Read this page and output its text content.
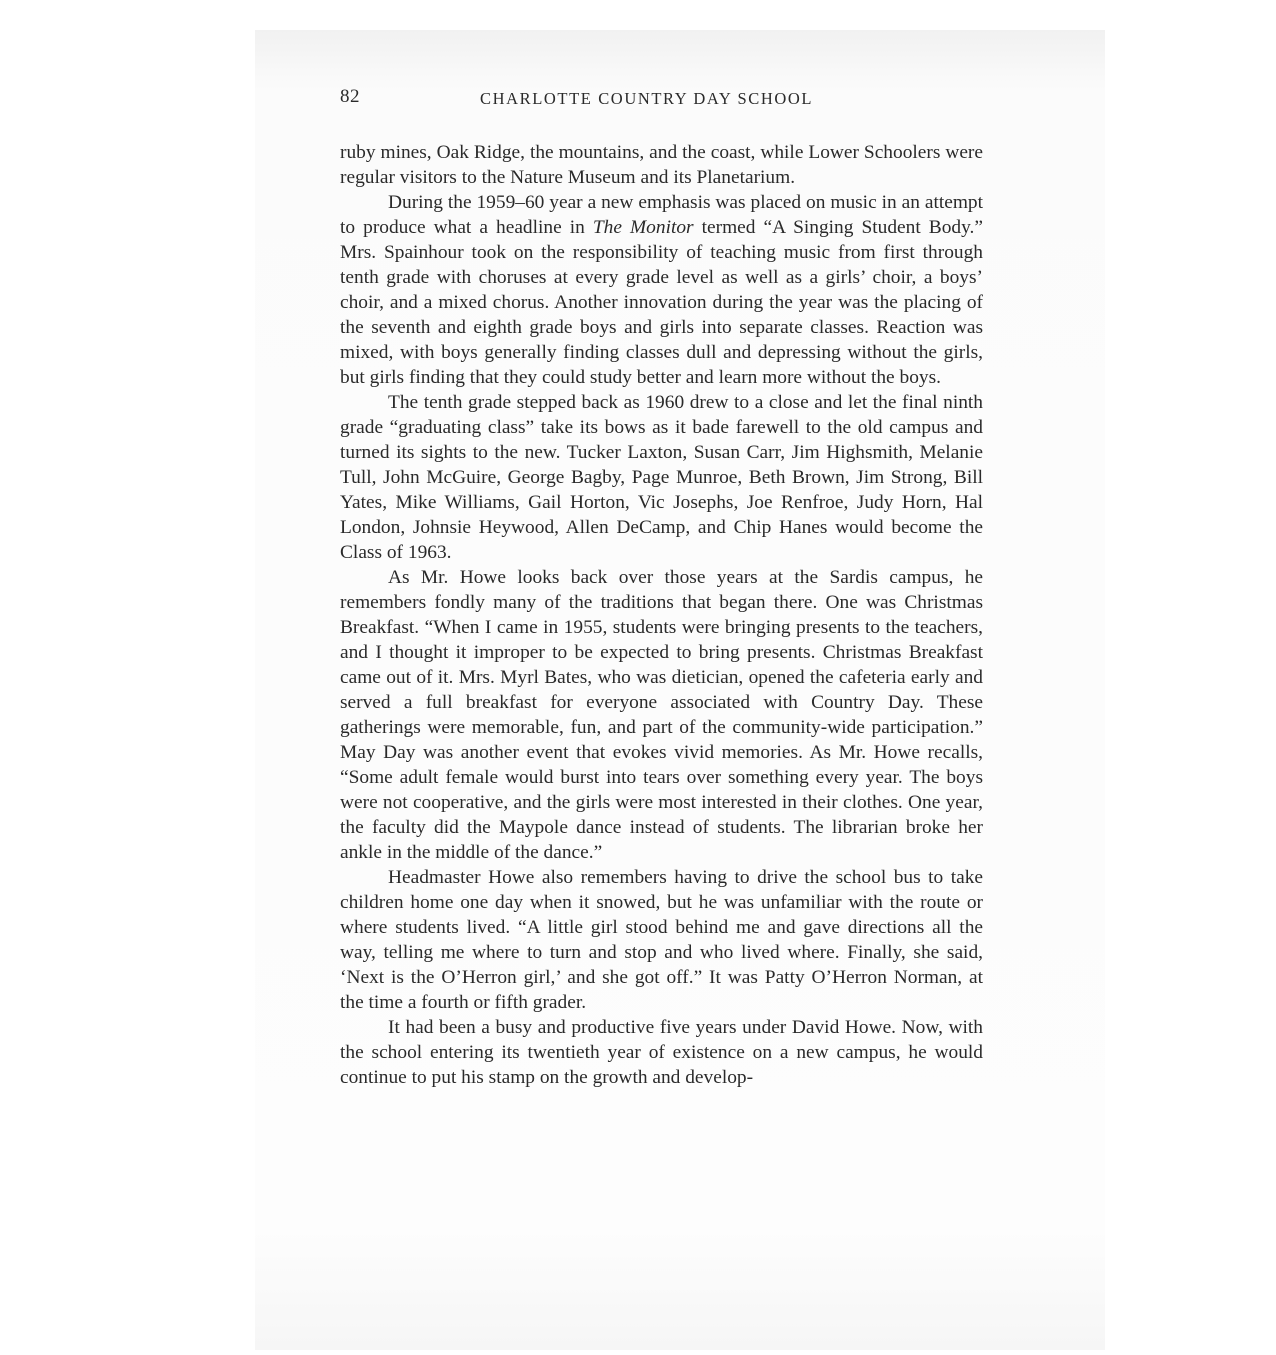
82	CHARLOTTE COUNTRY DAY SCHOOL

ruby mines, Oak Ridge, the mountains, and the coast, while Lower Schoolers were regular visitors to the Nature Museum and its Planetarium.

During the 1959–60 year a new emphasis was placed on music in an attempt to produce what a headline in The Monitor termed “A Singing Student Body.” Mrs. Spainhour took on the responsibility of teaching music from first through tenth grade with choruses at every grade level as well as a girls’ choir, a boys’ choir, and a mixed chorus. Another innovation during the year was the placing of the seventh and eighth grade boys and girls into separate classes. Reaction was mixed, with boys generally finding classes dull and depressing without the girls, but girls finding that they could study better and learn more without the boys.

The tenth grade stepped back as 1960 drew to a close and let the final ninth grade “graduating class” take its bows as it bade farewell to the old campus and turned its sights to the new. Tucker Laxton, Susan Carr, Jim Highsmith, Melanie Tull, John McGuire, George Bagby, Page Munroe, Beth Brown, Jim Strong, Bill Yates, Mike Williams, Gail Horton, Vic Josephs, Joe Renfroe, Judy Horn, Hal London, Johnsie Heywood, Allen DeCamp, and Chip Hanes would become the Class of 1963.

As Mr. Howe looks back over those years at the Sardis campus, he remembers fondly many of the traditions that began there. One was Christmas Breakfast. “When I came in 1955, students were bringing presents to the teachers, and I thought it improper to be expected to bring presents. Christmas Breakfast came out of it. Mrs. Myrl Bates, who was dietician, opened the cafeteria early and served a full breakfast for everyone associated with Country Day. These gatherings were memorable, fun, and part of the community-wide participation.” May Day was another event that evokes vivid memories. As Mr. Howe recalls, “Some adult female would burst into tears over something every year. The boys were not cooperative, and the girls were most interested in their clothes. One year, the faculty did the Maypole dance instead of students. The librarian broke her ankle in the middle of the dance.”

Headmaster Howe also remembers having to drive the school bus to take children home one day when it snowed, but he was unfamiliar with the route or where students lived. “A little girl stood behind me and gave directions all the way, telling me where to turn and stop and who lived where. Finally, she said, ‘Next is the O’Herron girl,’ and she got off.” It was Patty O’Herron Norman, at the time a fourth or fifth grader.

It had been a busy and productive five years under David Howe. Now, with the school entering its twentieth year of existence on a new campus, he would continue to put his stamp on the growth and develop-
